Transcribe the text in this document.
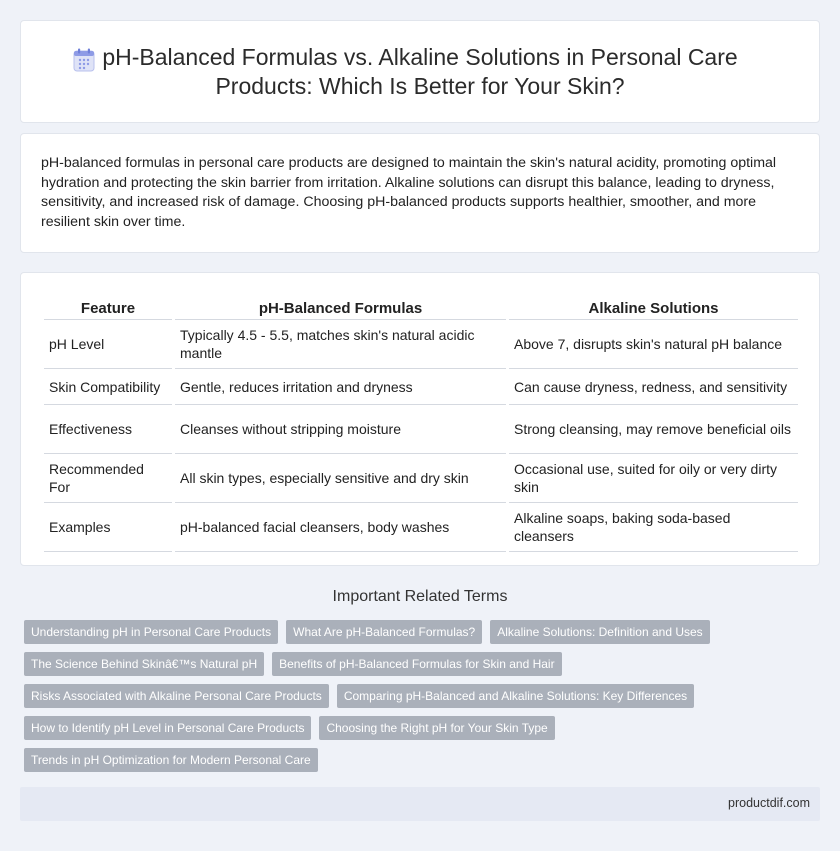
pH-Balanced Formulas vs. Alkaline Solutions in Personal Care Products: Which Is Better for Your Skin?

pH-balanced formulas in personal care products are designed to maintain the skin's natural acidity, promoting optimal hydration and protecting the skin barrier from irritation. Alkaline solutions can disrupt this balance, leading to dryness, sensitivity, and increased risk of damage. Choosing pH-balanced products supports healthier, smoother, and more resilient skin over time.

Feature	pH-Balanced Formulas	Alkaline Solutions
pH Level	Typically 4.5 - 5.5, matches skin's natural acidic mantle	Above 7, disrupts skin's natural pH balance
Skin Compatibility	Gentle, reduces irritation and dryness	Can cause dryness, redness, and sensitivity
Effectiveness	Cleanses without stripping moisture	Strong cleansing, may remove beneficial oils
Recommended For	All skin types, especially sensitive and dry skin	Occasional use, suited for oily or very dirty skin
Examples	pH-balanced facial cleansers, body washes	Alkaline soaps, baking soda-based cleansers
Important Related Terms
Understanding pH in Personal Care Products	What Are pH-Balanced Formulas?	Alkaline Solutions: Definition and Uses
The Science Behind Skinâ€™s Natural pH	Benefits of pH-Balanced Formulas for Skin and Hair
Risks Associated with Alkaline Personal Care Products	Comparing pH-Balanced and Alkaline Solutions: Key Differences
How to Identify pH Level in Personal Care Products	Choosing the Right pH for Your Skin Type
Trends in pH Optimization for Modern Personal Care
productdif.com
